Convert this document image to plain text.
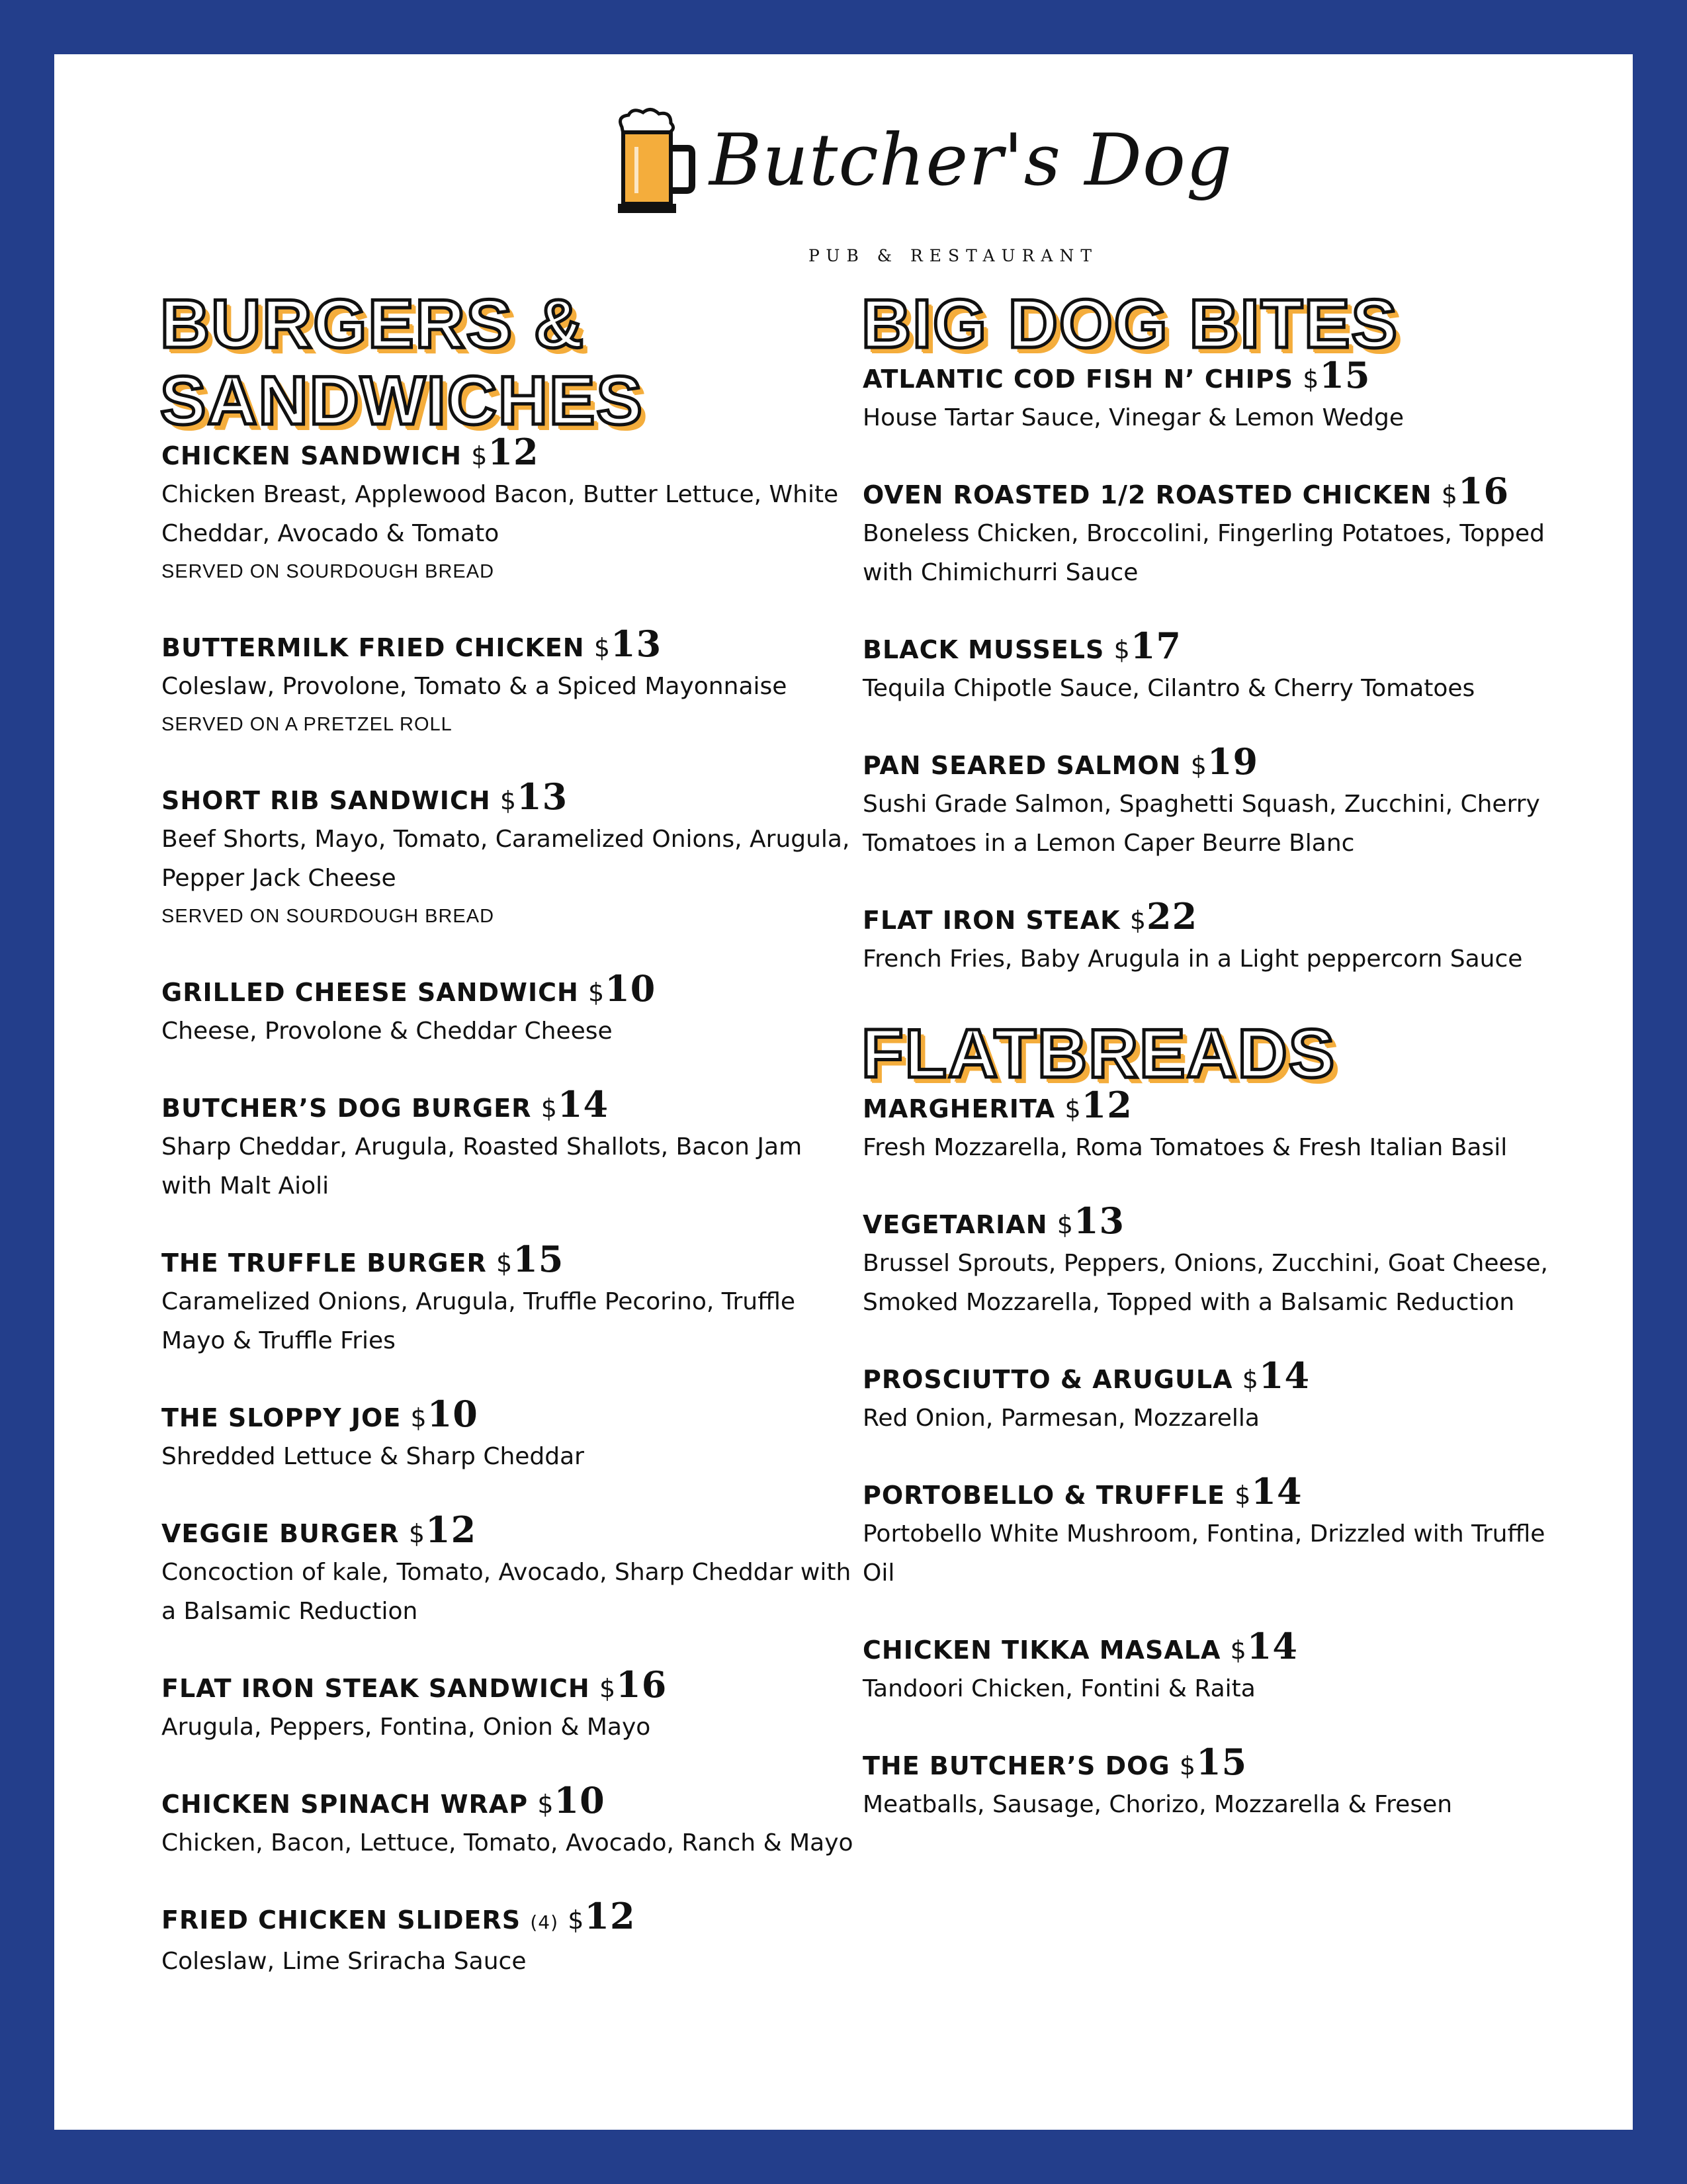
Butcher's Dog
PUB & RESTAURANT
BURGERS &
SANDWICHES
CHICKEN SANDWICH $12
Chicken Breast, Applewood Bacon, Butter Lettuce, White Cheddar, Avocado & Tomato
SERVED ON SOURDOUGH BREAD
BUTTERMILK FRIED CHICKEN $13
Coleslaw, Provolone, Tomato & a Spiced Mayonnaise
SERVED ON A PRETZEL ROLL
SHORT RIB SANDWICH $13
Beef Shorts, Mayo, Tomato, Caramelized Onions, Arugula, Pepper Jack Cheese
SERVED ON SOURDOUGH BREAD
GRILLED CHEESE SANDWICH $10
Cheese, Provolone & Cheddar Cheese
BUTCHER’S DOG BURGER $14
Sharp Cheddar, Arugula, Roasted Shallots, Bacon Jam with Malt Aioli
THE TRUFFLE BURGER $15
Caramelized Onions, Arugula, Truffle Pecorino, Truffle Mayo & Truffle Fries
THE SLOPPY JOE $10
Shredded Lettuce & Sharp Cheddar
VEGGIE BURGER $12
Concoction of kale, Tomato, Avocado, Sharp Cheddar with a Balsamic Reduction
FLAT IRON STEAK SANDWICH $16
Arugula, Peppers, Fontina, Onion & Mayo
CHICKEN SPINACH WRAP $10
Chicken, Bacon, Lettuce, Tomato, Avocado, Ranch & Mayo
FRIED CHICKEN SLIDERS (4) $12
Coleslaw, Lime Sriracha Sauce
BIG DOG BITES
ATLANTIC COD FISH N’ CHIPS $15
House Tartar Sauce, Vinegar & Lemon Wedge
OVEN ROASTED 1/2 ROASTED CHICKEN $16
Boneless Chicken, Broccolini, Fingerling Potatoes, Topped with Chimichurri Sauce
BLACK MUSSELS $17
Tequila Chipotle Sauce, Cilantro & Cherry Tomatoes
PAN SEARED SALMON $19
Sushi Grade Salmon, Spaghetti Squash, Zucchini, Cherry Tomatoes in a Lemon Caper Beurre Blanc
FLAT IRON STEAK $22
French Fries, Baby Arugula in a Light peppercorn Sauce
FLATBREADS
MARGHERITA $12
Fresh Mozzarella, Roma Tomatoes & Fresh Italian Basil
VEGETARIAN $13
Brussel Sprouts, Peppers, Onions, Zucchini, Goat Cheese, Smoked Mozzarella, Topped with a Balsamic Reduction
PROSCIUTTO & ARUGULA $14
Red Onion, Parmesan, Mozzarella
PORTOBELLO & TRUFFLE $14
Portobello White Mushroom, Fontina, Drizzled with Truffle Oil
CHICKEN TIKKA MASALA $14
Tandoori Chicken, Fontini & Raita
THE BUTCHER’S DOG $15
Meatballs, Sausage, Chorizo, Mozzarella & Fresen
